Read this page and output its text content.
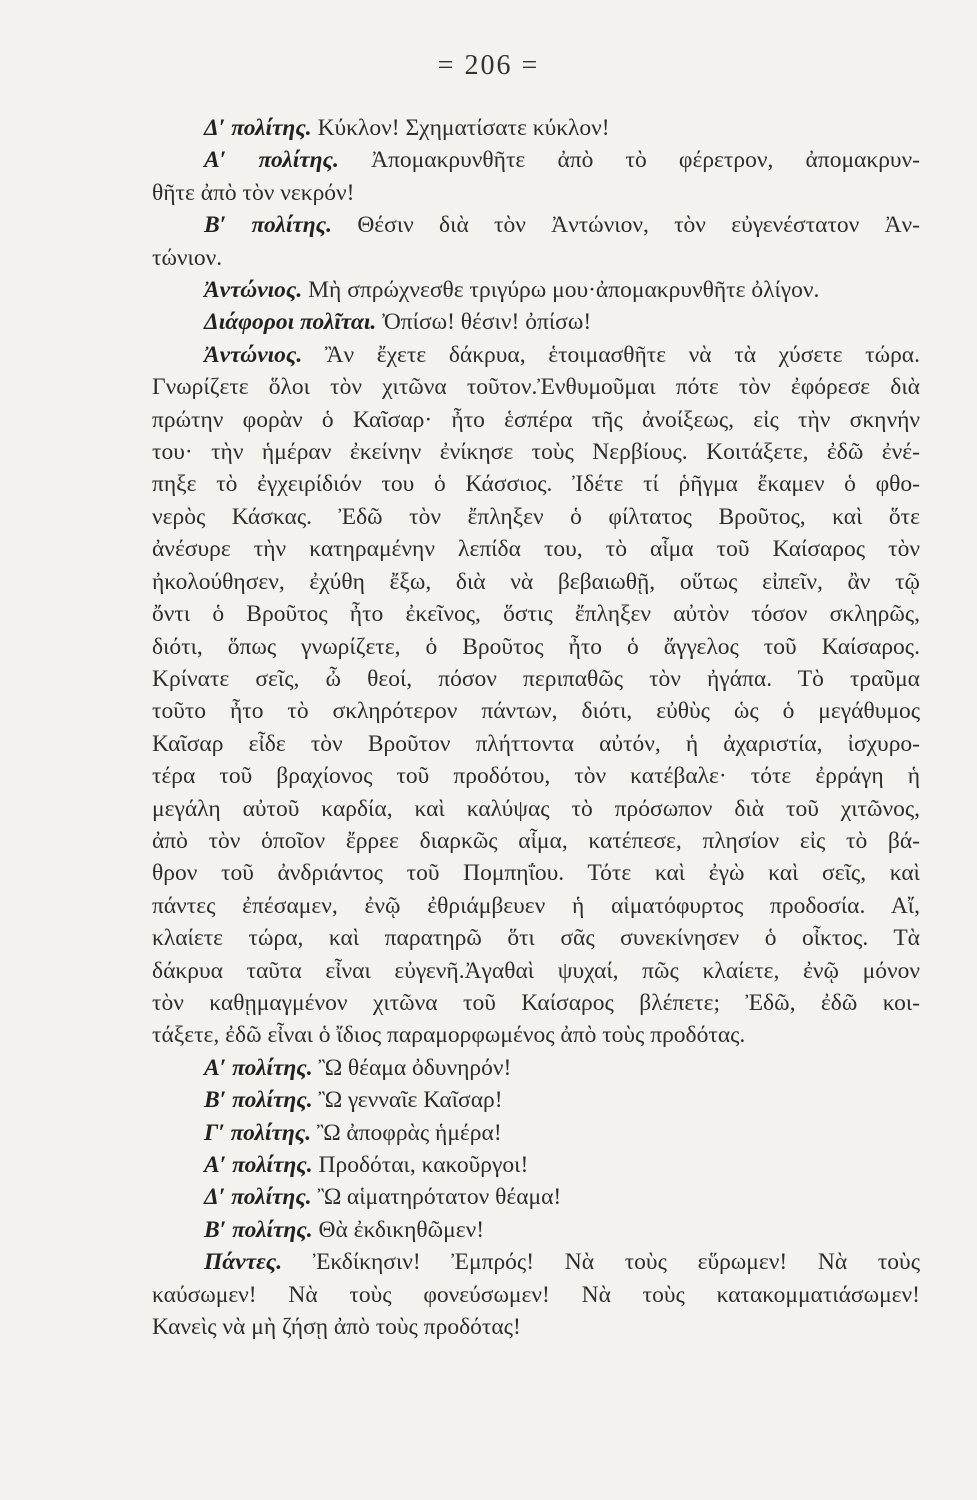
= 206 =
Δ′ πολίτης. Κύκλον! Σχηματίσατε κύκλον!
Α′ πολίτης. Ἀπομακρυνθῆτε ἀπὸ τὸ φέρετρον, ἀπομακρυν-
θῆτε ἀπὸ τὸν νεκρόν!
Β′ πολίτης. Θέσιν διὰ τὸν Ἀντώνιον, τὸν εὐγενέστατον Ἀν-
τώνιον.
Ἀντώνιος. Μὴ σπρώχνεσθε τριγύρω μου·ἀπομακρυνθῆτε ὀλίγον.
Διάφοροι πολῖται. Ὀπίσω! θέσιν! ὀπίσω!
Ἀντώνιος. Ἂν ἔχετε δάκρυα, ἑτοιμασθῆτε νὰ τὰ χύσετε τώρα.
Γνωρίζετε ὅλοι τὸν χιτῶνα τοῦτον.Ἐνθυμοῦμαι πότε τὸν ἐφόρεσε διὰ
πρώτην φορὰν ὁ Καῖσαρ· ἦτο ἑσπέρα τῆς ἀνοίξεως, εἰς τὴν σκηνήν
του· τὴν ἡμέραν ἐκείνην ἐνίκησε τοὺς Νερβίους. Κοιτάξετε, ἐδῶ ἐνέ-
πηξε τὸ ἐγχειρίδιόν του ὁ Κάσσιος. Ἰδέτε τί ῥῆγμα ἔκαμεν ὁ φθο-
νερὸς Κάσκας. Ἐδῶ τὸν ἔπληξεν ὁ φίλτατος Βροῦτος, καὶ ὅτε
ἀνέσυρε τὴν κατηραμένην λεπίδα του, τὸ αἷμα τοῦ Καίσαρος τὸν
ἠκολούθησεν, ἐχύθη ἔξω, διὰ νὰ βεβαιωθῇ, οὕτως εἰπεῖν, ἂν τῷ
ὄντι ὁ Βροῦτος ἦτο ἐκεῖνος, ὅστις ἔπληξεν αὐτὸν τόσον σκληρῶς,
διότι, ὅπως γνωρίζετε, ὁ Βροῦτος ἦτο ὁ ἄγγελος τοῦ Καίσαρος.
Κρίνατε σεῖς, ὦ θεοί, πόσον περιπαθῶς τὸν ἠγάπα. Τὸ τραῦμα
τοῦτο ἦτο τὸ σκληρότερον πάντων, διότι, εὐθὺς ὡς ὁ μεγάθυμος
Καῖσαρ εἶδε τὸν Βροῦτον πλήττοντα αὐτόν, ἡ ἀχαριστία, ἰσχυρο-
τέρα τοῦ βραχίονος τοῦ προδότου, τὸν κατέβαλε· τότε ἐρράγη ἡ
μεγάλη αὐτοῦ καρδία, καὶ καλύψας τὸ πρόσωπον διὰ τοῦ χιτῶνος,
ἀπὸ τὸν ὁποῖον ἔρρεε διαρκῶς αἷμα, κατέπεσε, πλησίον εἰς τὸ βά-
θρον τοῦ ἀνδριάντος τοῦ Πομπηΐου. Τότε καὶ ἐγὼ καὶ σεῖς, καὶ
πάντες ἐπέσαμεν, ἐνῷ ἐθριάμβευεν ἡ αἱματόφυρτος προδοσία. Αἴ,
κλαίετε τώρα, καὶ παρατηρῶ ὅτι σᾶς συνεκίνησεν ὁ οἶκτος. Τὰ
δάκρυα ταῦτα εἶναι εὐγενῆ.Ἀγαθαὶ ψυχαί, πῶς κλαίετε, ἐνῷ μόνον
τὸν καθῃμαγμένον χιτῶνα τοῦ Καίσαρος βλέπετε; Ἐδῶ, ἐδῶ κοι-
τάξετε, ἐδῶ εἶναι ὁ ἴδιος παραμορφωμένος ἀπὸ τοὺς προδότας.
Α′ πολίτης. Ὢ θέαμα ὀδυνηρόν!
Β′ πολίτης. Ὢ γενναῖε Καῖσαρ!
Γ′ πολίτης. Ὢ ἀποφρὰς ἡμέρα!
Α′ πολίτης. Προδόται, κακοῦργοι!
Δ′ πολίτης. Ὢ αἱματηρότατον θέαμα!
Β′ πολίτης. Θὰ ἐκδικηθῶμεν!
Πάντες. Ἐκδίκησιν! Ἐμπρός! Νὰ τοὺς εὕρωμεν! Νὰ τοὺς
καύσωμεν! Νὰ τοὺς φονεύσωμεν! Νὰ τοὺς κατακομματιάσωμεν!
Κανεὶς νὰ μὴ ζήσῃ ἀπὸ τοὺς προδότας!
